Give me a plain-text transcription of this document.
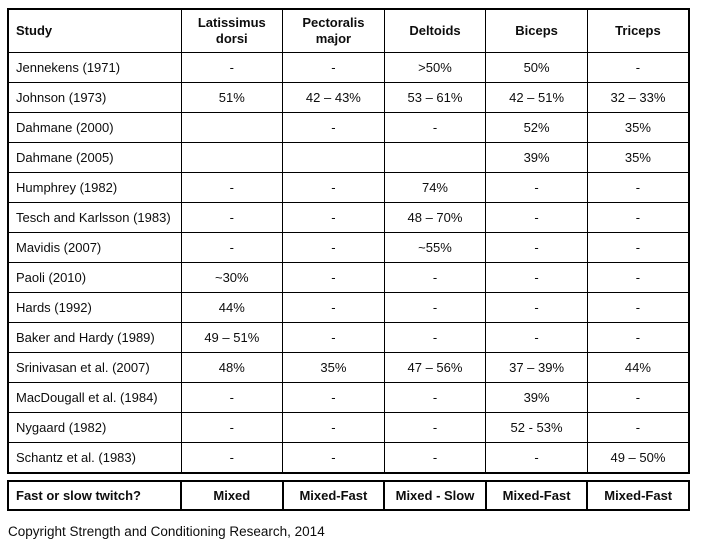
Study	Latissimus dorsi	Pectoralis major	Deltoids	Biceps	Triceps
Jennekens (1971)	-	-	>50%	50%	-
Johnson (1973)	51%	42 – 43%	53 – 61%	42 – 51%	32 – 33%
Dahmane (2000)		-	-	52%	35%
Dahmane (2005)				39%	35%
Humphrey (1982)	-	-	74%	-	-
Tesch and Karlsson (1983)	-	-	48 – 70%	-	-
Mavidis (2007)	-	-	~55%	-	-
Paoli (2010)	~30%	-	-	-	-
Hards (1992)	44%	-	-	-	-
Baker and Hardy (1989)	49 – 51%	-	-	-	-
Srinivasan et al. (2007)	48%	35%	47 – 56%	37 – 39%	44%
MacDougall et al. (1984)	-	-	-	39%	-
Nygaard (1982)	-	-	-	52 - 53%	-
Schantz et al. (1983)	-	-	-	-	49 – 50%
Fast or slow twitch?	Mixed	Mixed-Fast	Mixed - Slow	Mixed-Fast	Mixed-Fast
Copyright Strength and Conditioning Research, 2014
